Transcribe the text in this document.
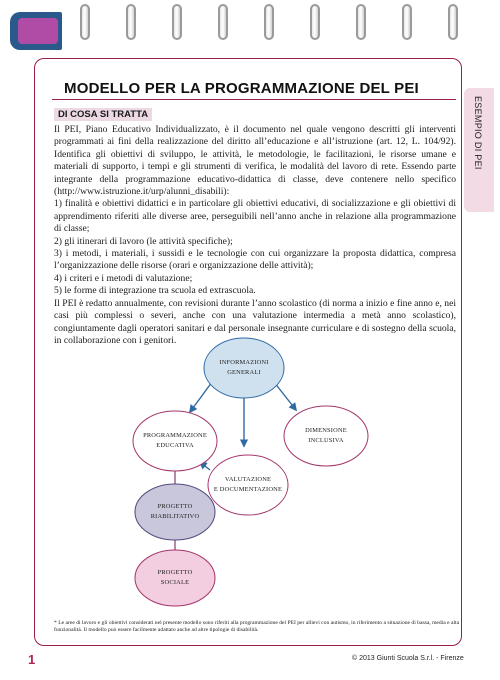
ESEMPIO DI PEI
MODELLO PER LA PROGRAMMAZIONE DEL PEI
DI COSA SI TRATTA

Il PEI, Piano Educativo Individualizzato, è il documento nel quale vengono descritti gli interventi programmati ai fini della realizzazione del diritto all’educazione e all’istruzione (art. 12, L. 104/92). Identifica gli obiettivi di sviluppo, le attività, le metodologie, le facilitazioni, le risorse umane e materiali di supporto, i tempi e gli strumenti di verifica, le modalità del lavoro di rete. Essendo parte integrante della programmazione educativo-didattica di classe, deve contenere nello specifico (http://www.istruzione.it/urp/alunni_disabili):

1) finalità e obiettivi didattici e in particolare gli obiettivi educativi, di socializzazione e gli obiettivi di apprendimento riferiti alle diverse aree, perseguibili nell’anno anche in relazione alla programmazione di classe;

2) gli itinerari di lavoro (le attività specifiche);

3) i metodi, i materiali, i sussidi e le tecnologie con cui organizzare la proposta didattica, compresa l’organizzazione delle risorse (orari e organizzazione delle attività);

4) i criteri e i metodi di valutazione;

5) le forme di integrazione tra scuola ed extrascuola.

Il PEI è redatto annualmente, con revisioni durante l’anno scolastico (di norma a inizio e fine anno e, nei casi più complessi o severi, anche con una valutazione intermedia a metà anno scolastico), congiuntamente dagli operatori sanitari e dal personale insegnante curriculare e di sostegno della scuola, in collaborazione con i genitori.

INFORMAZIONI
GENERALI
PROGRAMMAZIONE
EDUCATIVA
DIMENSIONE
INCLUSIVA
VALUTAZIONE
E DOCUMENTAZIONE
PROGETTO
RIABILITATIVO
PROGETTO
SOCIALE
* Le aree di lavoro e gli obiettivi considerati nel presente modello sono riferiti alla programmazione del PEI per allievi con autismo, in riferimento a situazione di bassa, media e alta funzionalità. Il modello può essere facilmente adattato anche ad altre tipologie di disabilità.
1	© 2013 Giunti Scuola S.r.l. - Firenze
